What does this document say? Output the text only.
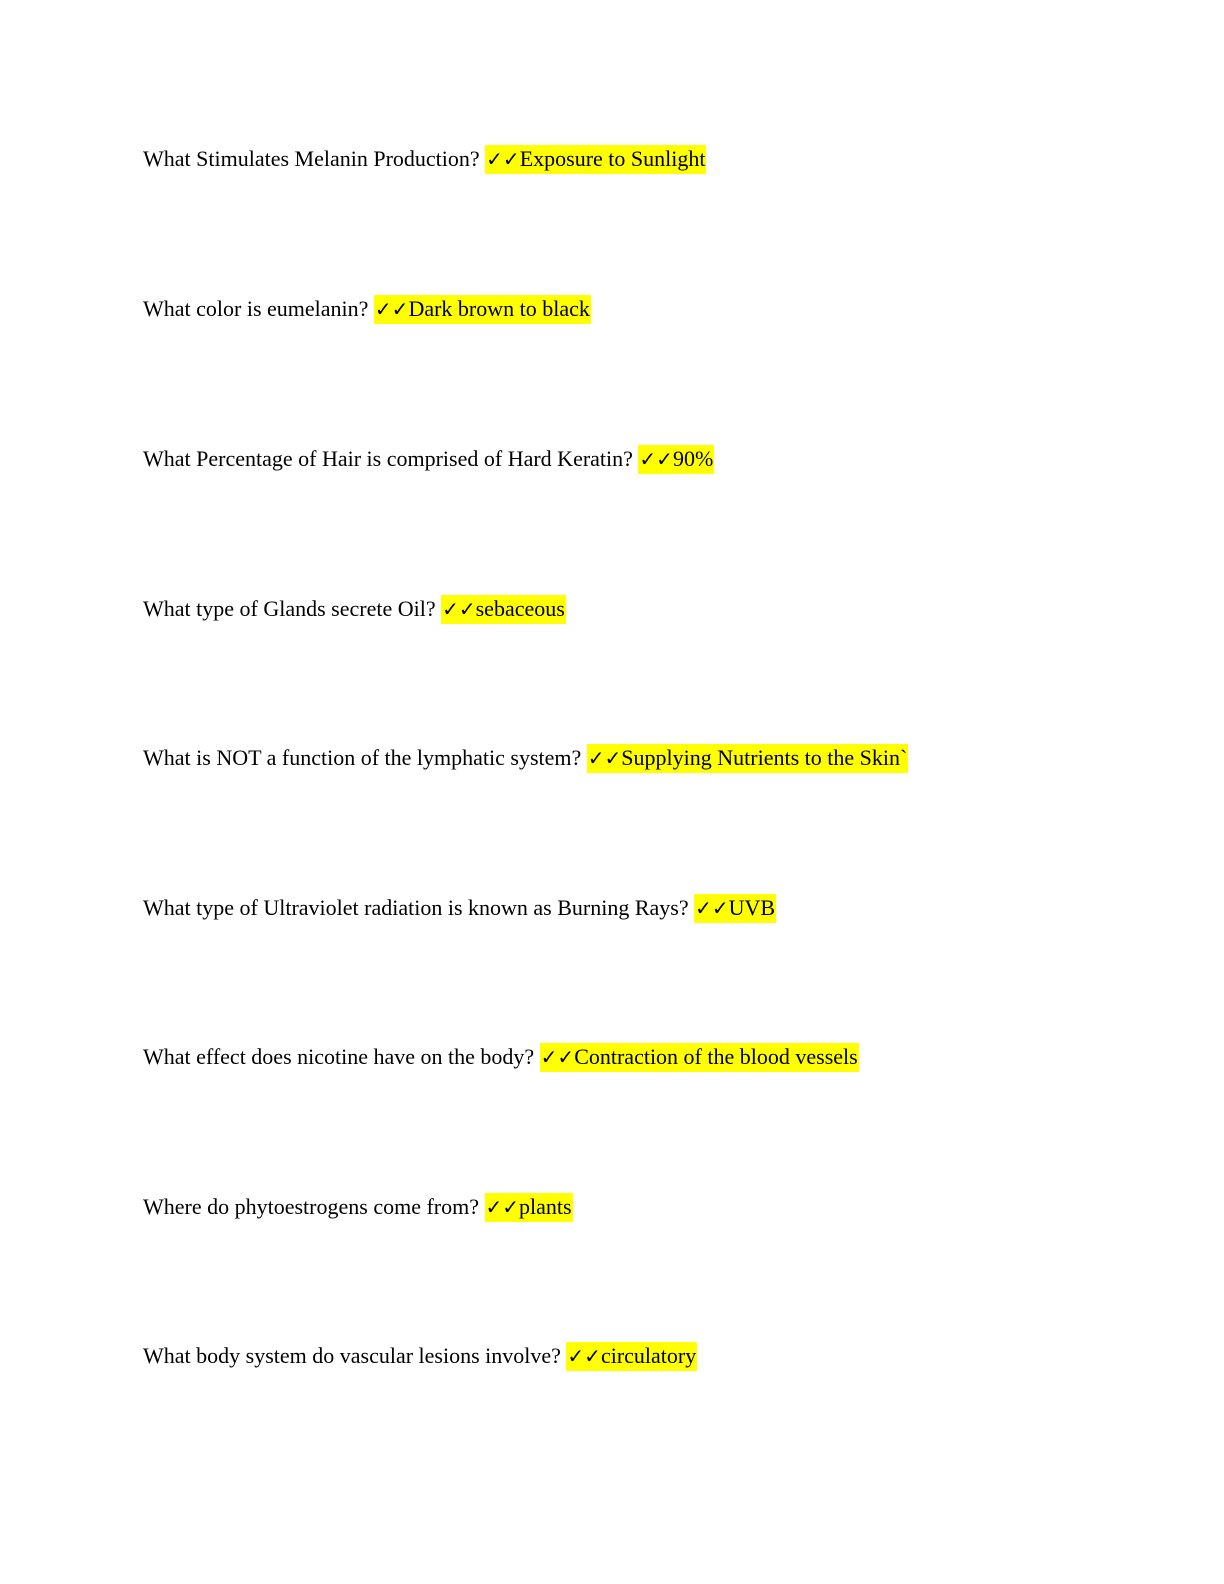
What Stimulates Melanin Production? ✓✓Exposure to Sunlight
What color is eumelanin? ✓✓Dark brown to black
What Percentage of Hair is comprised of Hard Keratin? ✓✓90%
What type of Glands secrete Oil? ✓✓sebaceous
What is NOT a function of the lymphatic system? ✓✓Supplying Nutrients to the Skin`
What type of Ultraviolet radiation is known as Burning Rays? ✓✓UVB
What effect does nicotine have on the body? ✓✓Contraction of the blood vessels
Where do phytoestrogens come from? ✓✓plants
What body system do vascular lesions involve? ✓✓circulatory
